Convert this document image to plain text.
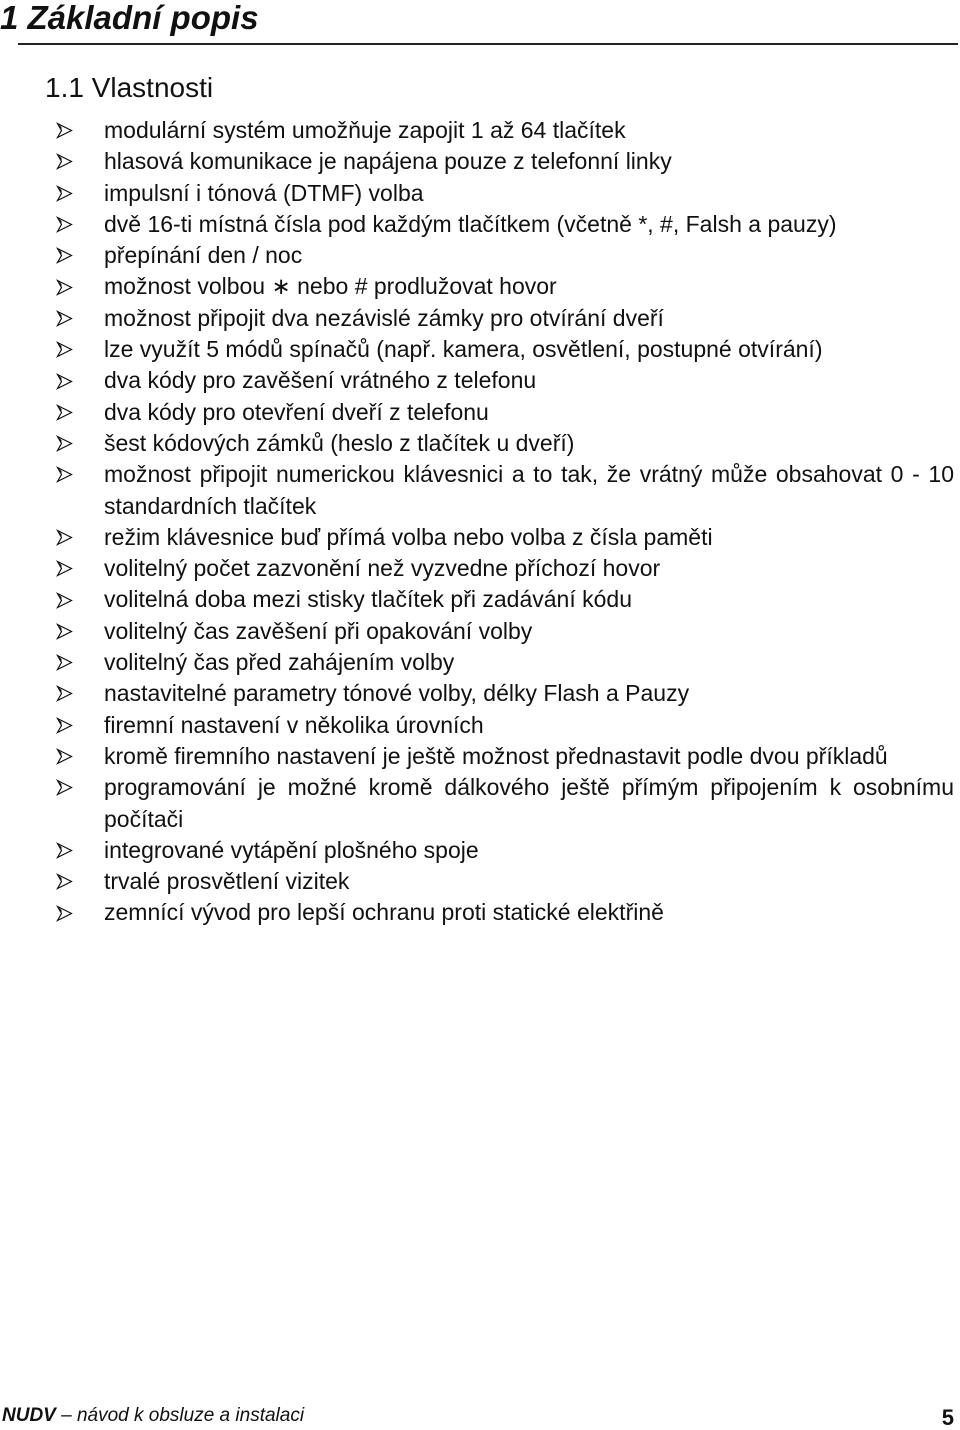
1 Základní popis
1.1 Vlastnosti
modulární systém umožňuje zapojit 1 až 64 tlačítek
hlasová komunikace je napájena pouze z telefonní linky
impulsní i tónová (DTMF) volba
dvě 16-ti místná čísla pod každým tlačítkem (včetně *, #, Falsh a pauzy)
přepínání den / noc
možnost volbou ∗ nebo # prodlužovat hovor
možnost připojit dva nezávislé zámky pro otvírání dveří
lze využít 5 módů spínačů (např. kamera, osvětlení, postupné otvírání)
dva kódy pro zavěšení vrátného z telefonu
dva kódy pro otevření dveří z telefonu
šest kódových zámků (heslo z tlačítek u dveří)
možnost připojit numerickou klávesnici a to tak, že vrátný může obsahovat 0 - 10 standardních tlačítek
režim klávesnice buď přímá volba nebo volba z čísla paměti
volitelný počet zazvonění než vyzvedne příchozí hovor
volitelná doba mezi stisky tlačítek při zadávání kódu
volitelný čas zavěšení při opakování volby
volitelný čas před zahájením volby
nastavitelné parametry tónové volby, délky Flash a Pauzy
firemní nastavení v několika úrovních
kromě firemního nastavení je ještě možnost přednastavit podle dvou příkladů
programování je možné kromě dálkového ještě přímým připojením k osobnímu počítači
integrované vytápění plošného spoje
trvalé prosvětlení vizitek
zemnící vývod pro lepší ochranu proti statické elektřině
NUDV – návod k obsluze a instalaci	5
